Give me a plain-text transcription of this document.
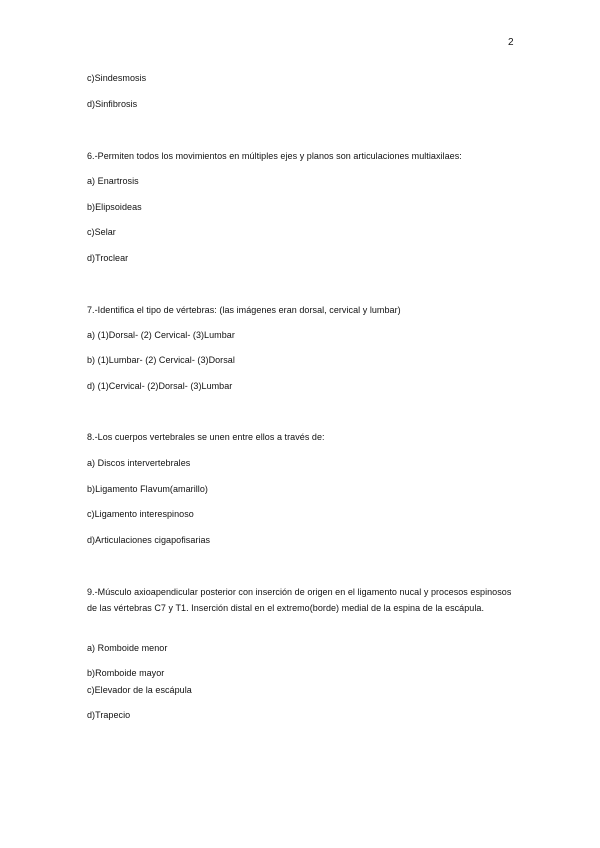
2
c)Sindesmosis
d)Sinfibrosis
6.-Permiten todos los movimientos en múltiples ejes y planos son articulaciones multiaxilaes:
a) Enartrosis
b)Elipsoideas
c)Selar
d)Troclear
7.-Identifica el tipo de vértebras: (las imágenes eran dorsal, cervical y lumbar)
a) (1)Dorsal- (2) Cervical- (3)Lumbar
b) (1)Lumbar- (2) Cervical- (3)Dorsal
d) (1)Cervical- (2)Dorsal- (3)Lumbar
8.-Los cuerpos vertebrales se unen entre ellos a través de:
a) Discos intervertebrales
b)Ligamento Flavum(amarillo)
c)Ligamento interespinoso
d)Articulaciones cigapofisarias
9.-Músculo axioapendicular posterior con inserción de origen en el ligamento nucal y procesos espinosos de las vértebras C7 y T1. Inserción distal en el extremo(borde) medial de la espina de la escápula.
a) Romboide menor
b)Romboide mayor
c)Elevador de la escápula
d)Trapecio
